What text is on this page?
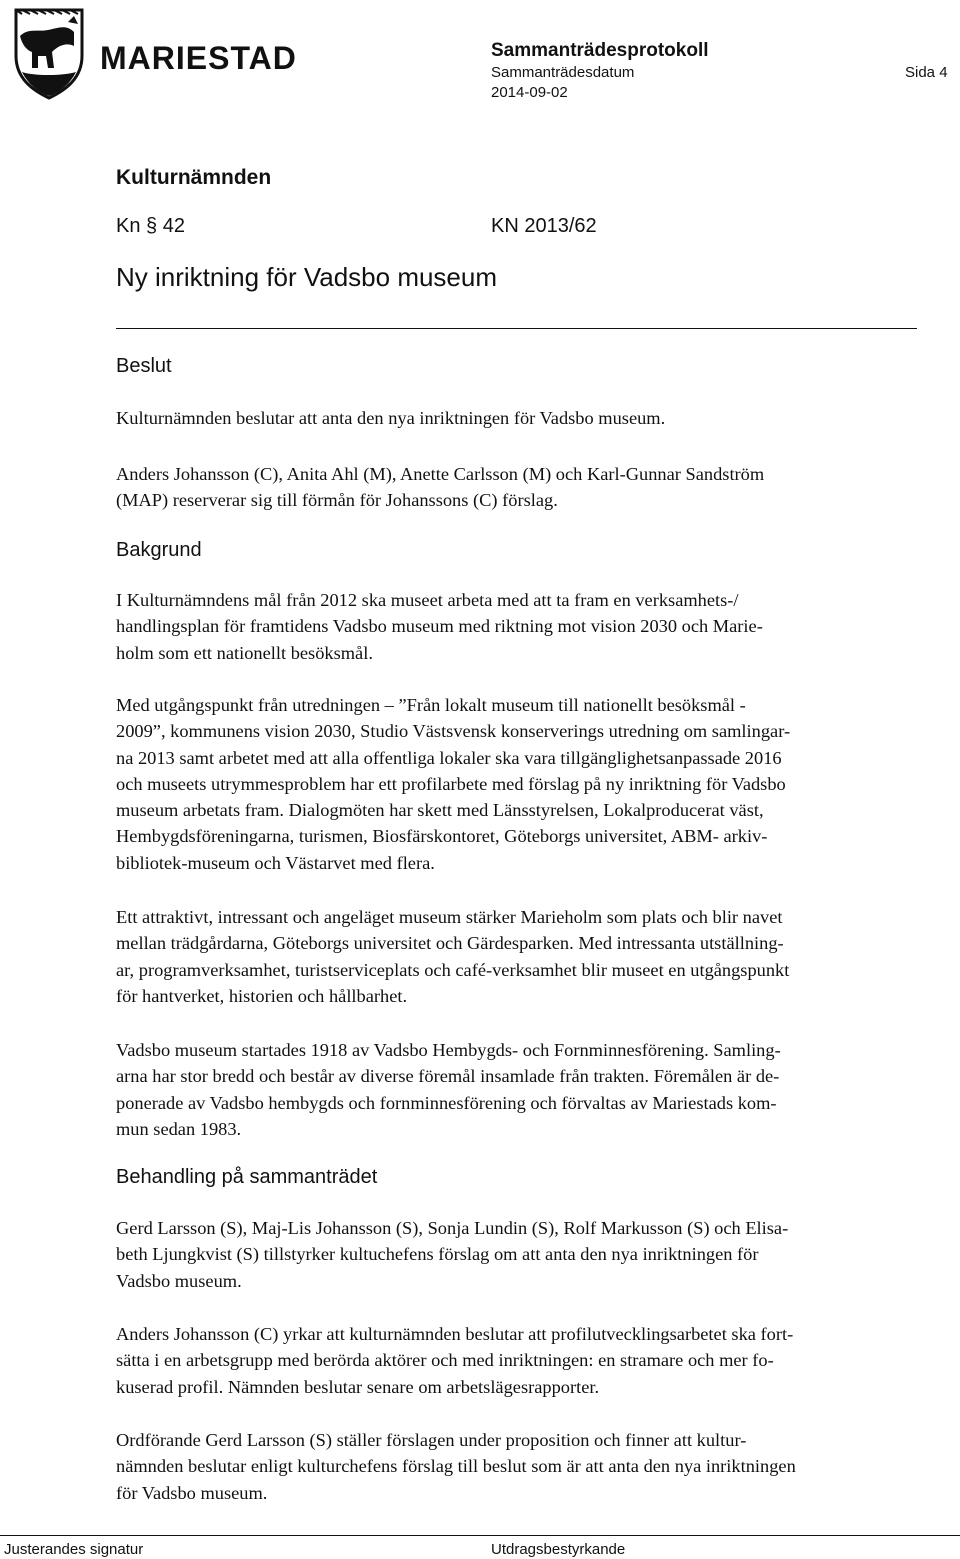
MARIESTAD	Sammanträdesprotokoll
Sammanträdesdatum	Sida 4
2014-09-02
Kulturnämnden
Kn § 42	KN 2013/62
Ny inriktning för Vadsbo museum
Beslut
Kulturnämnden beslutar att anta den nya inriktningen för Vadsbo museum.
Anders Johansson (C), Anita Ahl (M), Anette Carlsson (M) och Karl-Gunnar Sandström
(MAP) reserverar sig till förmån för Johanssons (C) förslag.
Bakgrund
I Kulturnämndens mål från 2012 ska museet arbeta med att ta fram en verksamhets-/
handlingsplan för framtidens Vadsbo museum med riktning mot vision 2030 och Marie-
holm som ett nationellt besöksmål.
Med utgångspunkt från utredningen – ”Från lokalt museum till nationellt besöksmål -
2009”, kommunens vision 2030, Studio Västsvensk konserverings utredning om samlingar-
na 2013 samt arbetet med att alla offentliga lokaler ska vara tillgänglighetsanpassade 2016
och museets utrymmesproblem har ett profilarbete med förslag på ny inriktning för Vadsbo
museum arbetats fram. Dialogmöten har skett med Länsstyrelsen, Lokalproducerat väst,
Hembygdsföreningarna, turismen, Biosfärskontoret, Göteborgs universitet, ABM- arkiv-
bibliotek-museum och Västarvet med flera.
Ett attraktivt, intressant och angeläget museum stärker Marieholm som plats och blir navet
mellan trädgårdarna, Göteborgs universitet och Gärdesparken. Med intressanta utställning-
ar, programverksamhet, turistserviceplats och café-verksamhet blir museet en utgångspunkt
för hantverket, historien och hållbarhet.
Vadsbo museum startades 1918 av Vadsbo Hembygds- och Fornminnesförening. Samling-
arna har stor bredd och består av diverse föremål insamlade från trakten. Föremålen är de-
ponerade av Vadsbo hembygds och fornminnesförening och förvaltas av Mariestads kom-
mun sedan 1983.
Behandling på sammanträdet
Gerd Larsson (S), Maj-Lis Johansson (S), Sonja Lundin (S), Rolf Markusson (S) och Elisa-
beth Ljungkvist (S) tillstyrker kultuchefens förslag om att anta den nya inriktningen för
Vadsbo museum.
Anders Johansson (C) yrkar att kulturnämnden beslutar att profilutvecklingsarbetet ska fort-
sätta i en arbetsgrupp med berörda aktörer och med inriktningen: en stramare och mer fo-
kuserad profil. Nämnden beslutar senare om arbetslägesrapporter.
Ordförande Gerd Larsson (S) ställer förslagen under proposition och finner att kultur-
nämnden beslutar enligt kulturchefens förslag till beslut som är att anta den nya inriktningen
för Vadsbo museum.
Justerandes signatur	Utdragsbestyrkande
